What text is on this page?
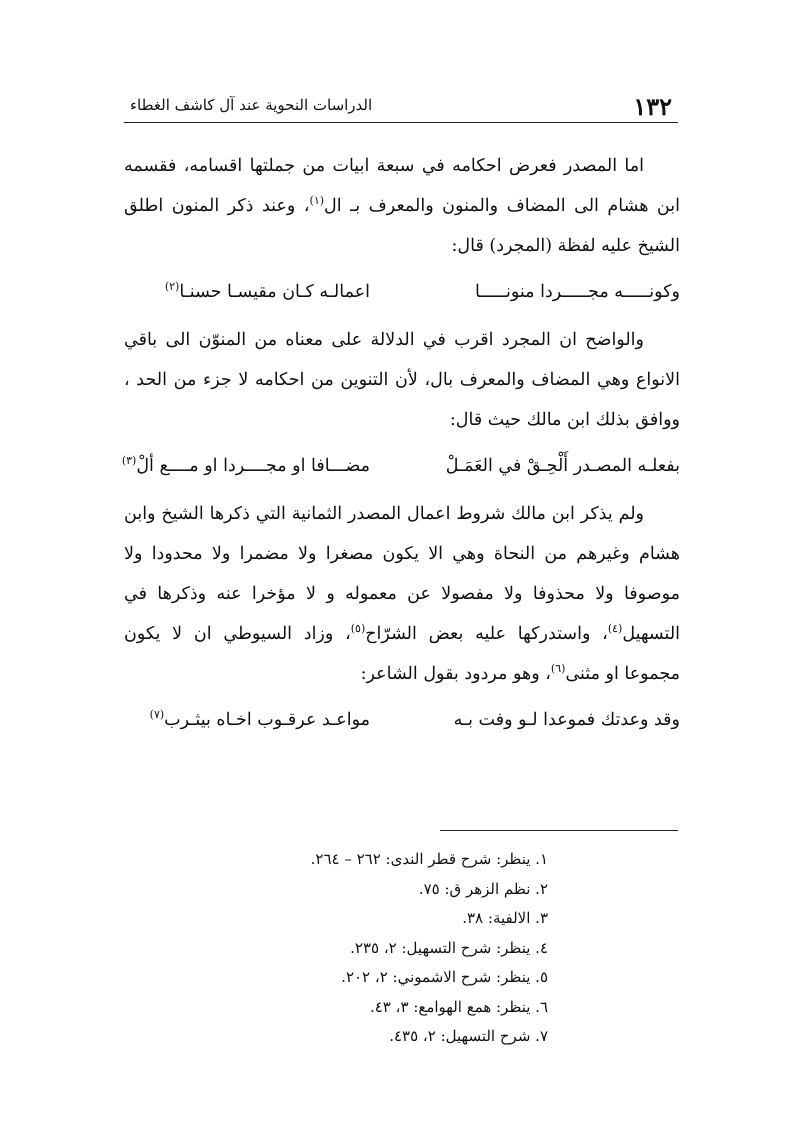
١٣٢
الدراسات النحوية عند آل كاشف الغطاء

اما المصدر فعرض احكامه في سبعة ابيات من جملتها اقسامه، فقسمه ابن هشام الى المضاف والمنون والمعرف بـ ال$^{(١)}$، وعند ذكر المنون اطلق الشيخ عليه لفظة (المجرد) قال:

وكونـــــه مجـــــردا منونـــــا
اعمالـه كـان مقيسـا حسنـا$^{(٢)}$

والواضح ان المجرد اقرب في الدلالة على معناه من المنوّن الى باقي الانواع وهي المضاف والمعرف بال، لأن التنوين من احكامه لا جزء من الحد ، ووافق بذلك ابن مالك حيث قال:

بفعلـه المصـدر أَلْحِـقْ في العَمَـلْ
مضـــافا او مجــــردا او مــــع ألْ$^{(٣)}$

ولم يذكر ابن مالك شروط اعمال المصدر الثمانية التي ذكرها الشيخ وابن هشام وغيرهم من النحاة وهي الا يكون مصغرا ولا مضمرا ولا محدودا ولا موصوفا ولا محذوفا ولا مفصولا عن معموله و لا مؤخرا عنه وذكرها في التسهيل$^{(٤)}$، واستدركها عليه بعض الشرّاح$^{(٥)}$، وزاد السيوطي ان لا يكون مجموعا او مثنى$^{(٦)}$، وهو مردود بقول الشاعر:

وقد وعدتك فموعدا لـو وفت بـه
مواعـد عرقـوب اخـاه بيثـرب$^{(٧)}$
١. ينظر: شرح قطر الندى: ٢٦٢ – ٢٦٤.
٢. نظم الزهر ق: ٧٥.
٣. الالفية: ٣٨.
٤. ينظر: شرح التسهيل: ٢، ٢٣٥.
٥. ينظر: شرح الاشموني: ٢، ٢٠٢.
٦. ينظر: همع الهوامع: ٣، ٤٣.
٧. شرح التسهيل: ٢، ٤٣٥.
